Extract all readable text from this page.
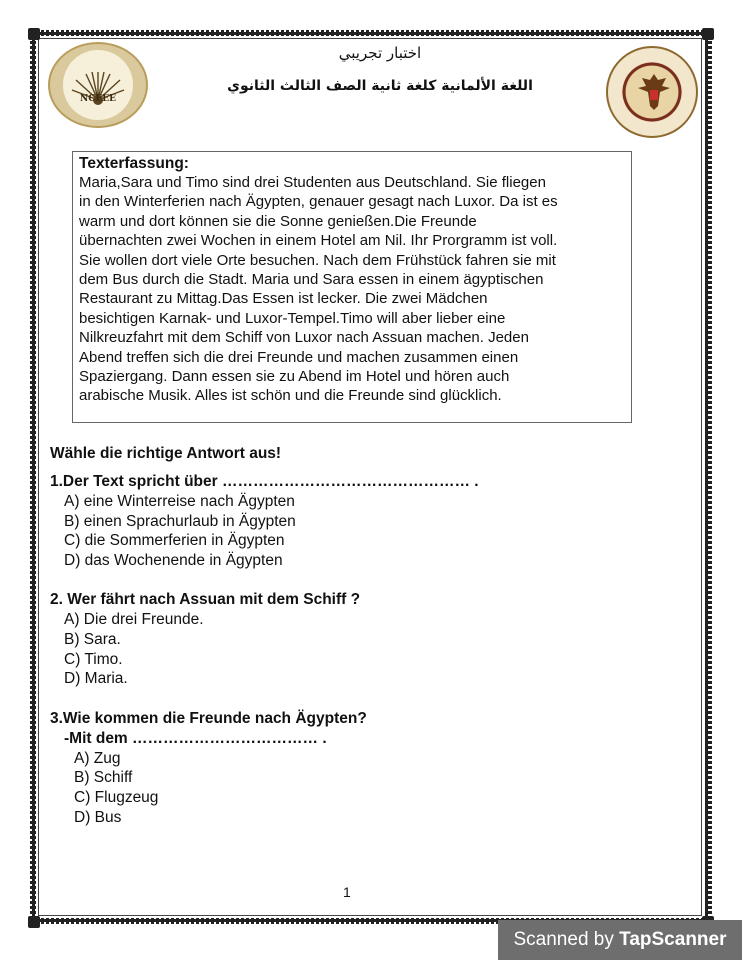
NCEEE
اختبار تجريبي
اللغة الألمانية كلغة ثانية الصف الثالث الثانوي
Texterfassung:
Maria,Sara und Timo sind drei Studenten aus Deutschland. Sie fliegen
in den Winterferien nach Ägypten, genauer gesagt nach Luxor. Da ist es
warm und dort können sie die Sonne genießen.Die Freunde
übernachten zwei Wochen in einem Hotel am Nil. Ihr Prorgramm ist voll.
Sie wollen dort viele Orte besuchen. Nach dem Frühstück fahren sie mit
dem Bus durch die Stadt. Maria und Sara essen in einem ägyptischen
Restaurant zu Mittag.Das Essen ist lecker. Die zwei Mädchen
besichtigen Karnak- und Luxor-Tempel.Timo will aber lieber eine
Nilkreuzfahrt mit dem Schiff von Luxor nach Assuan machen. Jeden
Abend treffen sich die drei Freunde und machen zusammen einen
Spaziergang. Dann essen sie zu Abend im Hotel und hören auch
arabische Musik. Alles ist schön und die Freunde sind glücklich.
Wähle die richtige Antwort aus!
1.Der Text spricht über ………………………………………… .
A) eine Winterreise nach Ägypten
B) einen Sprachurlaub in Ägypten
C) die Sommerferien in Ägypten
D) das Wochenende in Ägypten
2. Wer fährt nach Assuan mit dem Schiff ?
A) Die drei Freunde.
B) Sara.
C) Timo.
D) Maria.
3.Wie kommen die Freunde nach Ägypten?
-Mit dem ……………………………… .
A) Zug
B) Schiff
C) Flugzeug
D) Bus
1
Scanned by TapScanner
